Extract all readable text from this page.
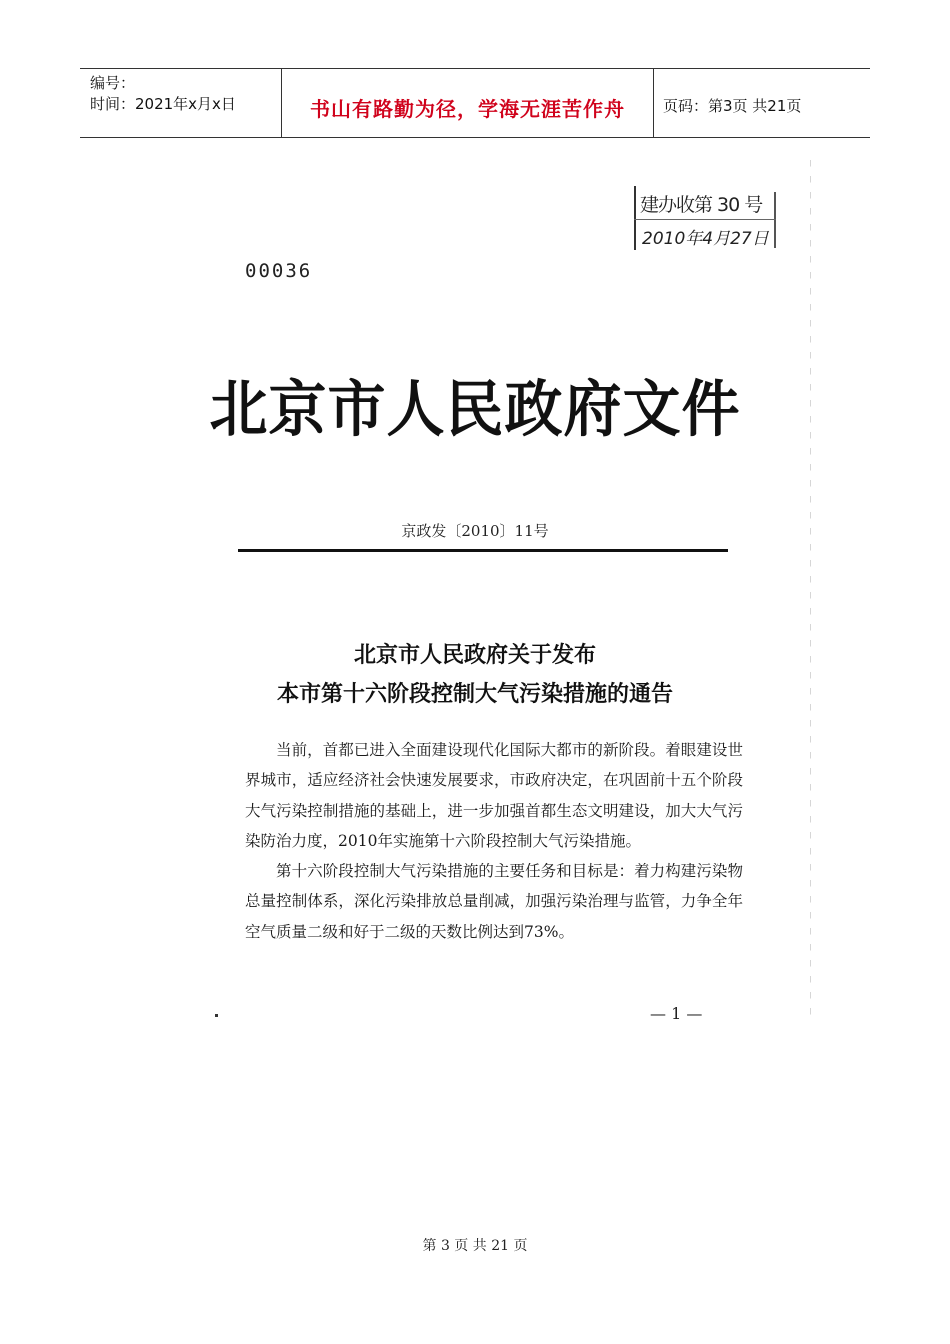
编号：
时间：2021年x月x日	书山有路勤为径，学海无涯苦作舟	页码：第3页 共21页
建办收第 30 号
2010年4月27日
00036
北京市人民政府文件
京政发〔2010〕11号
北京市人民政府关于发布
本市第十六阶段控制大气污染措施的通告

当前，首都已进入全面建设现代化国际大都市的新阶段。着眼建设世界城市，适应经济社会快速发展要求，市政府决定，在巩固前十五个阶段大气污染控制措施的基础上，进一步加强首都生态文明建设，加大大气污染防治力度，2010年实施第十六阶段控制大气污染措施。

第十六阶段控制大气污染措施的主要任务和目标是：着力构建污染物总量控制体系，深化污染排放总量削减，加强污染治理与监管，力争全年空气质量二级和好于二级的天数比例达到73%。

— 1 —
第 3 页 共 21 页
